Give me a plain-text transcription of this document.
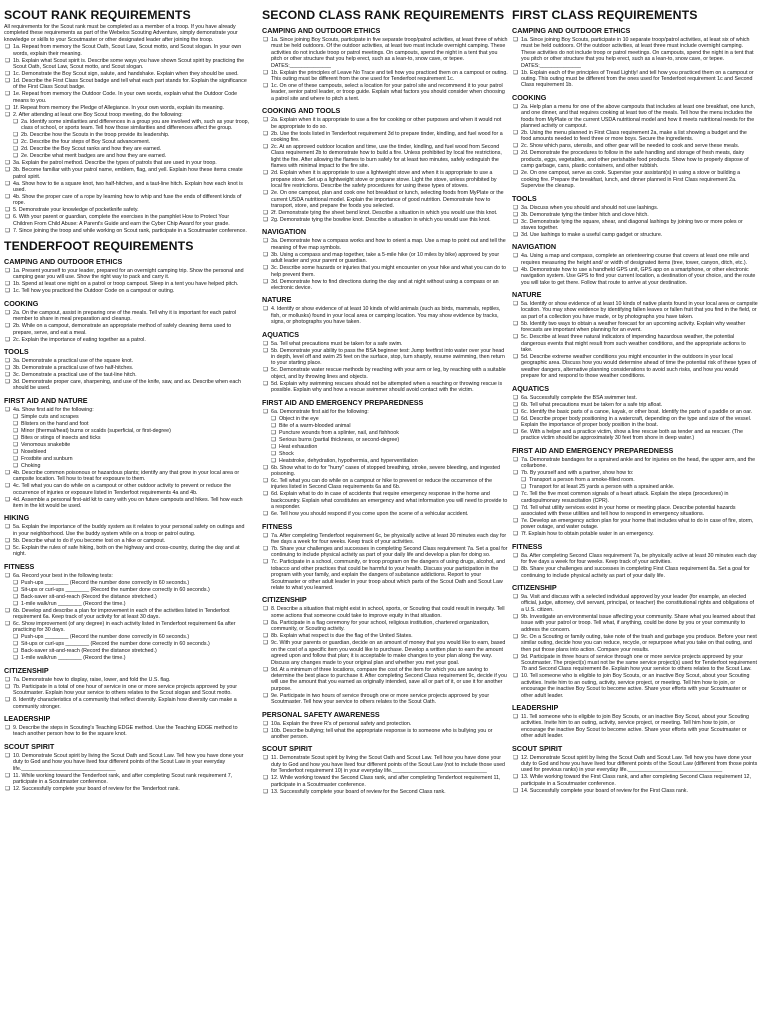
SCOUT RANK REQUIREMENTS

All requirements for the Scout rank must be completed as a member of a troop. If you have already completed these requirements as part of the Webelos Scouting Adventure, simply demonstrate your knowledge or skills to your Scoutmaster or other designated leader after joining the troop.

❑ 1a. Repeat from memory the Scout Oath, Scout Law, Scout motto, and Scout slogan. In your own words, explain their meaning.
❑ 1b. Explain what Scout spirit is. Describe some ways you have shown Scout spirit by practicing the Scout Oath, Scout Law, Scout motto, and Scout slogan.
❑ 1c. Demonstrate the Boy Scout sign, salute, and handshake. Explain when they should be used.
❑ 1d. Describe the First Class Scout badge and tell what each part stands for. Explain the significance of the First Class Scout badge.
❑ 1e. Repeat from memory the Outdoor Code. In your own words, explain what the Outdoor Code means to you.
❑ 1f. Repeat from memory the Pledge of Allegiance. In your own words, explain its meaning.
❑ 2. After attending at least one Boy Scout troop meeting, do the following:
❑ 2a. Identify some similarities and differences in a group you are involved with, such as your troop, class of school, or sports team. Tell how those similarities and differences affect the group.
❑ 2b. Describe how the Scouts in the troop provide its leadership.
❑ 2c. Describe the four steps of Boy Scout advancement.
❑ 2d. Describe the Boy Scout ranks and how they are earned.
❑ 2e. Describe what merit badges are and how they are earned.
❑ 3a. Explain the patrol method. Describe the types of patrols that are used in your troop.
❑ 3b. Become familiar with your patrol name, emblem, flag, and yell. Explain how these items create patrol spirit.
❑ 4a. Show how to tie a square knot, two half-hitches, and a taut-line hitch. Explain how each knot is used.
❑ 4b. Show the proper care of a rope by learning how to whip and fuse the ends of different kinds of rope.
❑ 5. Demonstrate your knowledge of pocketknife safety.
❑ 6. With your parent or guardian, complete the exercises in the pamphlet How to Protect Your Children From Child Abuse: A Parent's Guide and earn the Cyber Chip Award for your grade.
❑ 7. Since joining the troop and while working on Scout rank, participate in a Scoutmaster conference.
TENDERFOOT REQUIREMENTS
CAMPING AND OUTDOOR ETHICS
❑ 1a. Present yourself to your leader, prepared for an overnight camping trip. Show the personal and camping gear you will use. Show the right way to pack and carry it.
❑ 1b. Spend at least one night on a patrol or troop campout. Sleep in a tent you have helped pitch.
❑ 1c. Tell how you practiced the Outdoor Code on a campout or outing.
COOKING
❑ 2a. On the campout, assist in preparing one of the meals. Tell why it is important for each patrol member to share in meal preparation and cleanup.
❑ 2b. While on a campout, demonstrate an appropriate method of safely cleaning items used to prepare, serve, and eat a meal.
❑ 2c. Explain the importance of eating together as a patrol.
TOOLS
❑ 3a. Demonstrate a practical use of the square knot.
❑ 3b. Demonstrate a practical use of two half-hitches.
❑ 3c. Demonstrate a practical use of the taut-line hitch.
❑ 3d. Demonstrate proper care, sharpening, and use of the knife, saw, and ax. Describe when each should be used.
FIRST AID AND NATURE
❑ 4a. Show first aid for the following:
❑ Simple cuts and scrapes
❑ Blisters on the hand and foot
❑ Minor (thermal/heat) burns or scalds (superficial, or first-degree)
❑ Bites or stings of insects and ticks
❑ Venomous snakebite
❑ Nosebleed
❑ Frostbite and sunburn
❑ Choking
❑ 4b. Describe common poisonous or hazardous plants; identify any that grow in your local area or campsite location. Tell how to treat for exposure to them.
❑ 4c. Tell what you can do while on a campout or other outdoor activity to prevent or reduce the occurrence of injuries or exposure listed in Tenderfoot requirements 4a and 4b.
❑ 4d. Assemble a personal first-aid kit to carry with you on future campouts and hikes. Tell how each item in the kit would be used.
HIKING
❑ 5a. Explain the importance of the buddy system as it relates to your personal safety on outings and in your neighborhood. Use the buddy system while on a troop or patrol outing.
❑ 5b. Describe what to do if you become lost on a hike or campout.
❑ 5c. Explain the rules of safe hiking, both on the highway and cross-country, during the day and at night.
FITNESS
❑ 6a. Record your best in the following tests:
❑ Push-ups ________ (Record the number done correctly in 60 seconds.)
❑ Sit-ups or curl-ups ________ (Record the number done correctly in 60 seconds.)
❑ Back-saver sit-and-reach (Record the distance stretched.)
❑ 1-mile walk/run ________ (Record the time.)
❑ 6b. Develop and describe a plan for improvement in each of the activities listed in Tenderfoot requirement 6a. Keep track of your activity for at least 30 days.
❑ 6c. Show improvement (of any degree) in each activity listed in Tenderfoot requirement 6a after practicing for 30 days.
❑ Push-ups ________ (Record the number done correctly in 60 seconds.)
❑ Sit-ups or curl-ups ________ (Record the number done correctly in 60 seconds.)
❑ Back-saver sit-and-reach (Record the distance stretched.)
❑ 1-mile walk/run ________ (Record the time.)
CITIZENSHIP
❑ 7a. Demonstrate how to display, raise, lower, and fold the U.S. flag.
❑ 7b. Participate in a total of one hour of service in one or more service projects approved by your Scoutmaster. Explain how your service to others relates to the Scout slogan and Scout motto.
❑ 8. Identify characteristics of a community that reflect diversity. Explain how diversity can make a community stronger.
LEADERSHIP
❑ 9. Describe the steps in Scouting's Teaching EDGE method. Use the Teaching EDGE method to teach another person how to tie the square knot.
SCOUT SPIRIT
❑ 10. Demonstrate Scout spirit by living the Scout Oath and Scout Law. Tell how you have done your duty to God and how you have lived four different points of the Scout Law in your everyday life.________________________________
❑ 11. While working toward the Tenderfoot rank, and after completing Scout rank requirement 7, participate in a Scoutmaster conference.
❑ 12. Successfully complete your board of review for the Tenderfoot rank.
SECOND CLASS RANK REQUIREMENTS
CAMPING AND OUTDOOR ETHICS
❑ 1a. Since joining Boy Scouts, participate in five separate troop/patrol activities, at least three of which must be held outdoors. Of the outdoor activities, at least two must include overnight camping. These activities do not include troop or patrol meetings. On campouts, spend the night in a tent that you pitch or other structure that you help erect, such as a lean-to, snow cave, or tepee. DATES:______________
❑ 1b. Explain the principles of Leave No Trace and tell how you practiced them on a campout or outing. This outing must be different from the one used for Tenderfoot requirement 1c.
❑ 1c. On one of these campouts, select a location for your patrol site and recommend it to your patrol leader, senior patrol leader, or troop guide. Explain what factors you should consider when choosing a patrol site and where to pitch a tent.
COOKING AND TOOLS
❑ 2a. Explain when it is appropriate to use a fire for cooking or other purposes and when it would not be appropriate to do so.
❑ 2b. Use the tools listed in Tenderfoot requirement 3d to prepare tinder, kindling, and fuel wood for a cooking fire.
❑ 2c. At an approved outdoor location and time, use the tinder, kindling, and fuel wood from Second Class requirement 2b to demonstrate how to build a fire. Unless prohibited by local fire restrictions, light the fire. After allowing the flames to burn safely for at least two minutes, safely extinguish the flames with minimal impact to the fire site.
❑ 2d. Explain when it is appropriate to use a lightweight stove and when it is appropriate to use a propane stove. Set up a lightweight stove or propane stove. Light the stove, unless prohibited by local fire restrictions. Describe the safety procedures for using these types of stoves.
❑ 2e. On one campout, plan and cook one hot breakfast or lunch, selecting foods from MyPlate or the current USDA nutritional model. Explain the importance of good nutrition. Demonstrate how to transport, store, and prepare the foods you selected.
❑ 2f. Demonstrate tying the sheet bend knot. Describe a situation in which you would use this knot.
❑ 2g. Demonstrate tying the bowline knot. Describe a situation in which you would use this knot.
NAVIGATION
❑ 3a. Demonstrate how a compass works and how to orient a map. Use a map to point out and tell the meaning of five map symbols.
❑ 3b. Using a compass and map together, take a 5-mile hike (or 10 miles by bike) approved by your adult leader and your parent or guardian.
❑ 3c. Describe some hazards or injuries that you might encounter on your hike and what you can do to help prevent them.
❑ 3d. Demonstrate how to find directions during the day and at night without using a compass or an electronic device.
NATURE
❑ 4. Identify or show evidence of at least 10 kinds of wild animals (such as birds, mammals, reptiles, fish, or mollusks) found in your local area or camping location. You may show evidence by tracks, signs, or photographs you have taken.
AQUATICS
❑ 5a. Tell what precautions must be taken for a safe swim.
❑ 5b. Demonstrate your ability to pass the BSA beginner test: Jump feetfirst into water over your head in depth, level off and swim 25 feet on the surface, stop, turn sharply, resume swimming, then return to your starting place.
❑ 5c. Demonstrate water rescue methods by reaching with your arm or leg, by reaching with a suitable object, and by throwing lines and objects.
❑ 5d. Explain why swimming rescues should not be attempted when a reaching or throwing rescue is possible. Explain why and how a rescue swimmer should avoid contact with the victim.
FIRST AID AND EMERGENCY PREPAREDNESS
❑ 6a. Demonstrate first aid for the following:
❑ Object in the eye
❑ Bite of a warm-blooded animal
❑ Puncture wounds from a splinter, nail, and fishhook
❑ Serious burns (partial thickness, or second-degree)
❑ Heat exhaustion
❑ Shock
❑ Heatstroke, dehydration, hypothermia, and hyperventilation
❑ 6b. Show what to do for "hurry" cases of stopped breathing, stroke, severe bleeding, and ingested poisoning.
❑ 6c. Tell what you can do while on a campout or hike to prevent or reduce the occurrence of the injuries listed in Second Class requirements 6a and 6b.
❑ 6d. Explain what to do in case of accidents that require emergency response in the home and backcountry. Explain what constitutes an emergency and what information you will need to provide to a responder.
❑ 6e. Tell how you should respond if you come upon the scene of a vehicular accident.
FITNESS
❑ 7a. After completing Tenderfoot requirement 6c, be physically active at least 30 minutes each day for five days a week for four weeks. Keep track of your activities.
❑ 7b. Share your challenges and successes in completing Second Class requirement 7a. Set a goal for continuing to include physical activity as part of your daily life and develop a plan for doing so.
❑ 7c. Participate in a school, community, or troop program on the dangers of using drugs, alcohol, and tobacco and other practices that could be harmful to your health. Discuss your participation in the program with your family, and explain the dangers of substance addictions. Report to your Scoutmaster or other adult leader in your troop about which parts of the Scout Oath and Scout Law relate to what you learned.
CITIZENSHIP
❑ 8. Describe a situation that might exist in school, sports, or Scouting that could result in inequity. Tell some actions that someone could take to improve equity in that situation.
❑ 8a. Participate in a flag ceremony for your school, religious institution, chartered organization, community, or Scouting activity.
❑ 8b. Explain what respect is due the flag of the United States.
❑ 9c. With your parents or guardian, decide on an amount of money that you would like to earn, based on the cost of a specific item you would like to purchase. Develop a written plan to earn the amount agreed upon and follow that plan; it is acceptable to make changes to your plan along the way. Discuss any changes made to your original plan and whether you met your goal.
❑ 9d. At a minimum of three locations, compare the cost of the item for which you are saving to determine the best place to purchase it. After completing Second Class requirement 9c, decide if you will use the amount that you earned as originally intended, save all or part of it, or use it for another purpose.
❑ 9e. Participate in two hours of service through one or more service projects approved by your Scoutmaster. Tell how your service to others relates to the Scout Oath.
PERSONAL SAFETY AWARENESS
❑ 10a. Explain the three R's of personal safety and protection.
❑ 10b. Describe bullying; tell what the appropriate response is to someone who is bullying you or another person.
SCOUT SPIRIT
❑ 11. Demonstrate Scout spirit by living the Scout Oath and Scout Law. Tell how you have done your duty to God and how you have lived four different points of the Scout Law (not to include those used for Tenderfoot requirement 10) in your everyday life.________________________________
❑ 12. While working toward the Second Class rank, and after completing Tenderfoot requirement 11, participate in a Scoutmaster conference.
❑ 13. Successfully complete your board of review for the Second Class rank.
FIRST CLASS REQUIREMENTS
CAMPING AND OUTDOOR ETHICS
❑ 1a. Since joining Boy Scouts, participate in 10 separate troop/patrol activities, at least six of which must be held outdoors. Of the outdoor activities, at least three must include overnight camping. These activities do not include troop or patrol meetings. On campouts, spend the night in a tent that you pitch or other structure that you help erect, such as a lean-to, snow cave, or tepee. DATES:______________
❑ 1b. Explain each of the principles of Tread Lightly! and tell how you practiced them on a campout or outing. This outing must be different from the ones used for Tenderfoot requirement 1c and Second Class requirement 1b.
COOKING
❑ 2a. Help plan a menu for one of the above campouts that includes at least one breakfast, one lunch, and one dinner, and that requires cooking at least two of the meals. Tell how the menu includes the foods from MyPlate or the current USDA nutritional model and how it meets nutritional needs for the planned activity or campout.
❑ 2b. Using the menu planned in First Class requirement 2a, make a list showing a budget and the food amounts needed to feed three or more boys. Secure the ingredients.
❑ 2c. Show which pans, utensils, and other gear will be needed to cook and serve these meals.
❑ 2d. Demonstrate the procedures to follow in the safe handling and storage of fresh meats, dairy products, eggs, vegetables, and other perishable food products. Show how to properly dispose of camp garbage, cans, plastic containers, and other rubbish.
❑ 2e. On one campout, serve as cook. Supervise your assistant(s) in using a stove or building a cooking fire. Prepare the breakfast, lunch, and dinner planned in First Class requirement 2a. Supervise the cleanup.
TOOLS
❑ 3a. Discuss when you should and should not use lashings.
❑ 3b. Demonstrate tying the timber hitch and clove hitch.
❑ 3c. Demonstrate tying the square, shear, and diagonal lashings by joining two or more poles or staves together.
❑ 3d. Use lashings to make a useful camp gadget or structure.
NAVIGATION
❑ 4a. Using a map and compass, complete an orienteering course that covers at least one mile and requires measuring the height and/ or width of designated items (tree, tower, canyon, ditch, etc.).
❑ 4b. Demonstrate how to use a handheld GPS unit, GPS app on a smartphone, or other electronic navigation system. Use GPS to find your current location, a destination of your choice, and the route you will take to get there. Follow that route to arrive at your destination.
NATURE
❑ 5a. Identify or show evidence of at least 10 kinds of native plants found in your local area or campsite location. You may show evidence by identifying fallen leaves or fallen fruit that you find in the field, or as part of a collection you have made, or by photographs you have taken.
❑ 5b. Identify two ways to obtain a weather forecast for an upcoming activity. Explain why weather forecasts are important when planning for an event.
❑ 5c. Describe at least three natural indicators of impending hazardous weather, the potential dangerous events that might result from such weather conditions, and the appropriate actions to take.
❑ 5d. Describe extreme weather conditions you might encounter in the outdoors in your local geographic area. Discuss how you would determine ahead of time the potential risk of these types of weather dangers, alternative planning considerations to avoid such risks, and how you would prepare for and respond to those weather conditions.
AQUATICS
❑ 6a. Successfully complete the BSA swimmer test.
❑ 6b. Tell what precautions must be taken for a safe trip afloat.
❑ 6c. Identify the basic parts of a canoe, kayak, or other boat. Identify the parts of a paddle or an oar.
❑ 6d. Describe proper body positioning in a watercraft, depending on the type and size of the vessel. Explain the importance of proper body position in the boat.
❑ 6e. With a helper and a practice victim, show a line rescue both as tender and as rescuer. (The practice victim should be approximately 30 feet from shore in deep water.)
FIRST AID AND EMERGENCY PREPAREDNESS
❑ 7a. Demonstrate bandages for a sprained ankle and for injuries on the head, the upper arm, and the collarbone.
❑ 7b. By yourself and with a partner, show how to:
❑ Transport a person from a smoke-filled room.
❑ Transport for at least 25 yards a person with a sprained ankle.
❑ 7c. Tell the five most common signals of a heart attack. Explain the steps (procedures) in cardiopulmonary resuscitation (CPR).
❑ 7d. Tell what utility services exist in your home or meeting place. Describe potential hazards associated with these utilities and tell how to respond in emergency situations.
❑ 7e. Develop an emergency action plan for your home that includes what to do in case of fire, storm, power outage, and water outage.
❑ 7f. Explain how to obtain potable water in an emergency.
FITNESS
❑ 8a. After completing Second Class requirement 7a, be physically active at least 30 minutes each day for five days a week for four weeks. Keep track of your activities.
❑ 8b. Share your challenges and successes in completing First Class requirement 8a. Set a goal for continuing to include physical activity as part of your daily life.
CITIZENSHIP
❑ 9a. Visit and discuss with a selected individual approved by your leader (for example, an elected official, judge, attorney, civil servant, principal, or teacher) the constitutional rights and obligations of a U.S. citizen.
❑ 9b. Investigate an environmental issue affecting your community. Share what you learned about that issue with your patrol or troop. Tell what, if anything, could be done by you or your community to address the concern.
❑ 9c. On a Scouting or family outing, take note of the trash and garbage you produce. Before your next similar outing, decide how you can reduce, recycle, or repurpose what you take on that outing, and then put those plans into action. Compare your results.
❑ 9d. Participate in three hours of service through one or more service projects approved by your Scoutmaster. The project(s) must not be the same service project(s) used for Tenderfoot requirement 7b and Second Class requirement 8e. Explain how your service to others relates to the Scout Law.
❑ 10. Tell someone who is eligible to join Boy Scouts, or an inactive Boy Scout, about your Scouting activities. Invite him to an outing, activity, service project, or meeting. Tell him how to join, or encourage the inactive Boy Scout to become active. Share your efforts with your Scoutmaster or other adult leader.
LEADERSHIP
❑ 11. Tell someone who is eligible to join Boy Scouts, or an inactive Boy Scout, about your Scouting activities. Invite him to an outing, activity, service project, or meeting. Tell him how to join, or encourage the inactive Boy Scout to become active. Share your efforts with your Scoutmaster or other adult leader.
SCOUT SPIRIT
❑ 12. Demonstrate Scout spirit by living the Scout Oath and Scout Law. Tell how you have done your duty to God and how you have lived four different points of the Scout Law (different from those points used for previous ranks) in your everyday life.________________________________
❑ 13. While working toward the First Class rank, and after completing Second Class requirement 12, participate in a Scoutmaster conference.
❑ 14. Successfully complete your board of review for the First Class rank.
